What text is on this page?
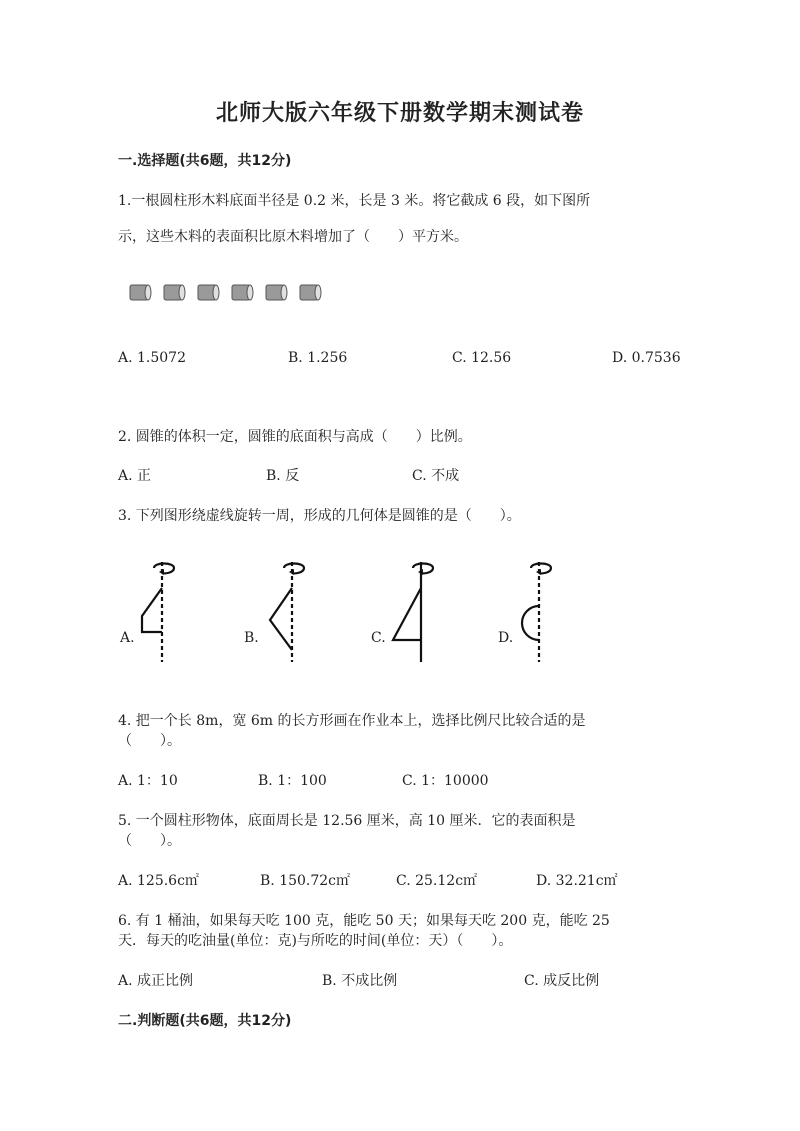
北师大版六年级下册数学期末测试卷
一.选择题(共6题，共12分)
1.一根圆柱形木料底面半径是 0.2 米，长是 3 米。将它截成 6 段，如下图所
示，这些木料的表面积比原木料增加了（　　）平方米。
A. 1.5072	B. 1.256	C. 12.56	D. 0.7536
2. 圆锥的体积一定，圆锥的底面积与高成（　　）比例。
A. 正	B. 反	C. 不成
3. 下列图形绕虚线旋转一周，形成的几何体是圆锥的是（　　）。
A.	B.	C.	D.
4. 把一个长 8m，宽 6m 的长方形画在作业本上，选择比例尺比较合适的是
（　　）。
A. 1：10	B. 1：100	C. 1：10000
5. 一个圆柱形物体，底面周长是 12.56 厘米，高 10 厘米．它的表面积是
（　　）。
A. 125.6c㎡	B. 150.72c㎡	C. 25.12c㎡	D. 32.21c㎡
6. 有 1 桶油，如果每天吃 100 克，能吃 50 天；如果每天吃 200 克，能吃 25
天．每天的吃油量(单位：克)与所吃的时间(单位：天）（　　）。
A. 成正比例	B. 不成比例	C. 成反比例
二.判断题(共6题，共12分)
